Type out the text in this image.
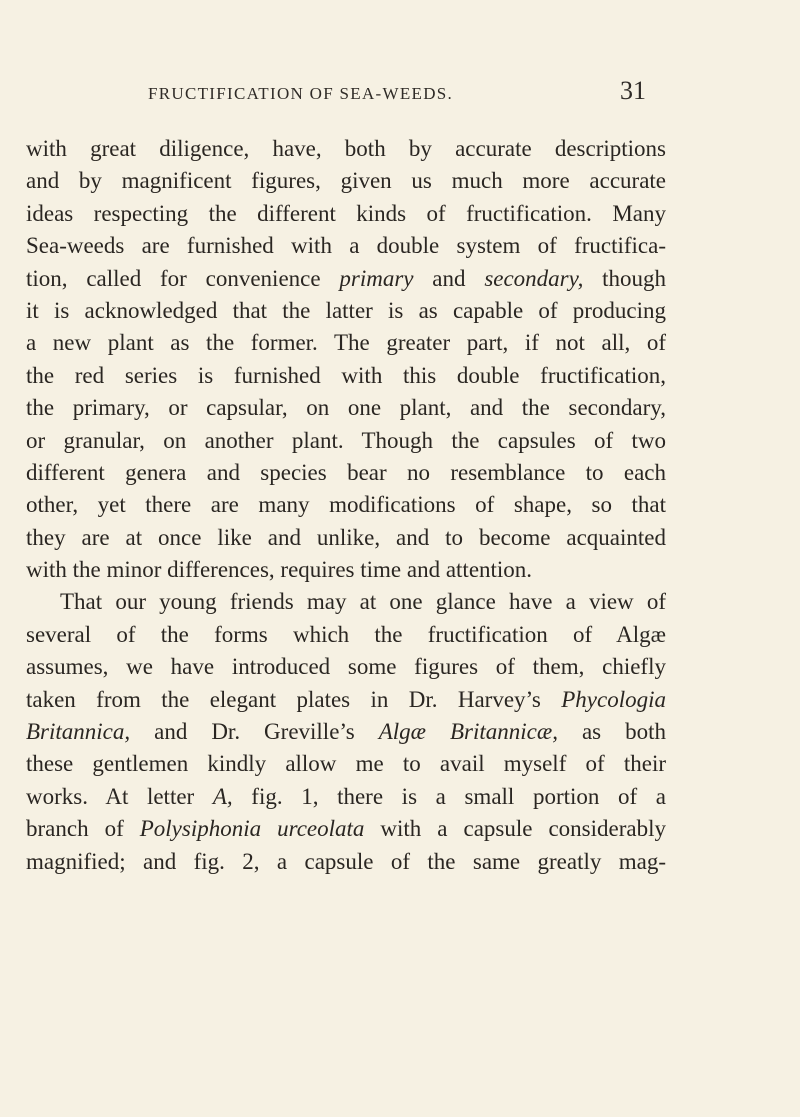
FRUCTIFICATION OF SEA-WEEDS.	31
with great diligence, have, both by accurate descriptions
and by magnificent figures, given us much more accurate
ideas respecting the different kinds of fructification. Many
Sea-weeds are furnished with a double system of fructifica-
tion, called for convenience primary and secondary, though
it is acknowledged that the latter is as capable of producing
a new plant as the former. The greater part, if not all, of
the red series is furnished with this double fructification,
the primary, or capsular, on one plant, and the secondary,
or granular, on another plant. Though the capsules of two
different genera and species bear no resemblance to each
other, yet there are many modifications of shape, so that
they are at once like and unlike, and to become acquainted
with the minor differences, requires time and attention.
That our young friends may at one glance have a view of
several of the forms which the fructification of Algæ
assumes, we have introduced some figures of them, chiefly
taken from the elegant plates in Dr. Harvey’s Phycologia
Britannica, and Dr. Greville’s Algæ Britannicæ, as both
these gentlemen kindly allow me to avail myself of their
works. At letter A, fig. 1, there is a small portion of a
branch of Polysiphonia urceolata with a capsule considerably
magnified; and fig. 2, a capsule of the same greatly mag-
